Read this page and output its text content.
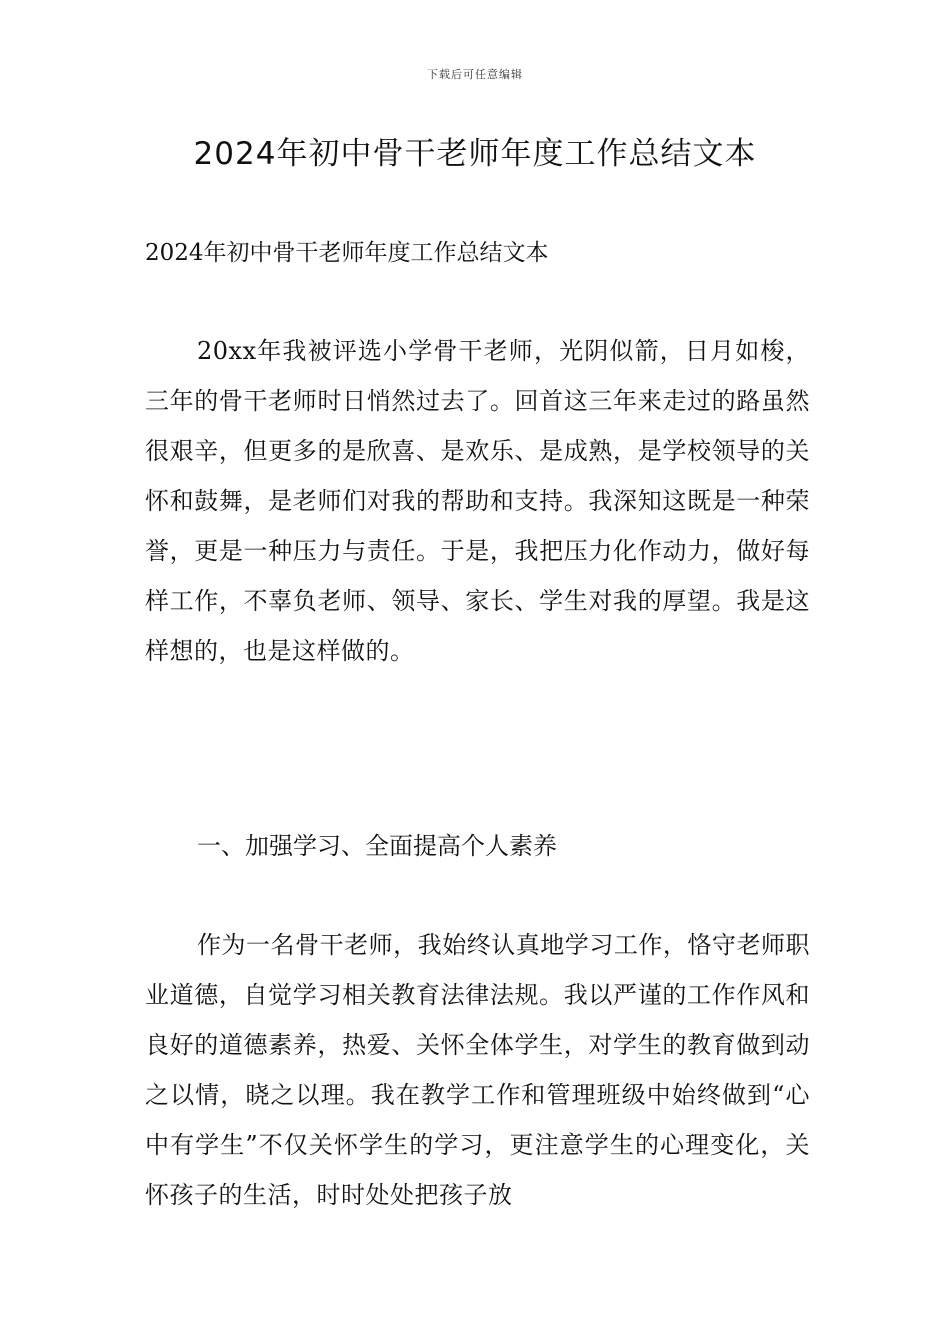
下载后可任意编辑
2024年初中骨干老师年度工作总结文本

2024年初中骨干老师年度工作总结文本

20xx年我被评选小学骨干老师，光阴似箭，日月如梭，三年的骨干老师时日悄然过去了。回首这三年来走过的路虽然很艰辛，但更多的是欣喜、是欢乐、是成熟，是学校领导的关怀和鼓舞，是老师们对我的帮助和支持。我深知这既是一种荣誉，更是一种压力与责任。于是，我把压力化作动力，做好每样工作，不辜负老师、领导、家长、学生对我的厚望。我是这样想的，也是这样做的。

一、加强学习、全面提高个人素养

作为一名骨干老师，我始终认真地学习工作，恪守老师职业道德，自觉学习相关教育法律法规。我以严谨的工作作风和良好的道德素养，热爱、关怀全体学生，对学生的教育做到动之以情，晓之以理。我在教学工作和管理班级中始终做到“心中有学生”不仅关怀学生的学习，更注意学生的心理变化，关怀孩子的生活，时时处处把孩子放
